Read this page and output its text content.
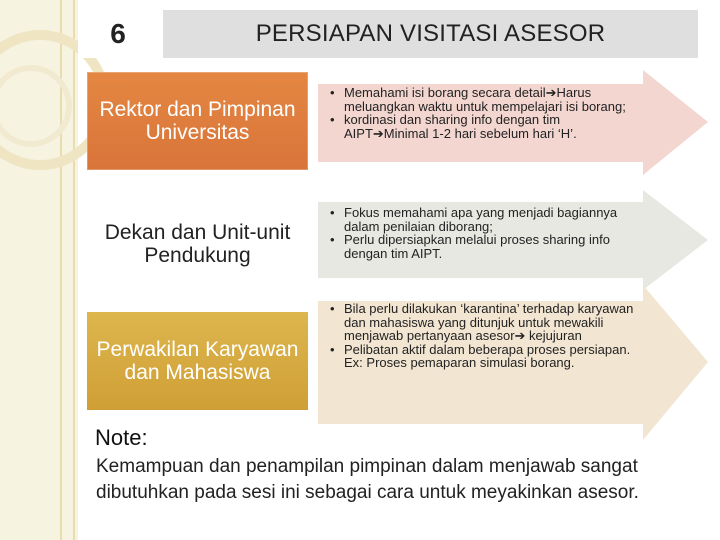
6	PERSIAPAN VISITASI ASESOR
Rektor dan Pimpinan Universitas
• Memahami isi borang secara detail➔Harus meluangkan waktu untuk mempelajari isi borang;
• kordinasi dan sharing info dengan tim AIPT➔Minimal 1-2 hari sebelum hari ‘H’.
Dekan dan Unit-unit Pendukung
• Fokus memahami apa yang menjadi bagiannya dalam penilaian diborang;
• Perlu dipersiapkan melalui proses sharing info dengan tim AIPT.
Perwakilan Karyawan dan Mahasiswa
• Bila perlu dilakukan ‘karantina’ terhadap karyawan dan mahasiswa yang ditunjuk untuk mewakili menjawab pertanyaan asesor➔ kejujuran
• Pelibatan aktif dalam beberapa proses persiapan. Ex: Proses pemaparan simulasi borang.
Note:
Kemampuan dan penampilan pimpinan dalam menjawab sangat dibutuhkan pada sesi ini sebagai cara untuk meyakinkan asesor.
